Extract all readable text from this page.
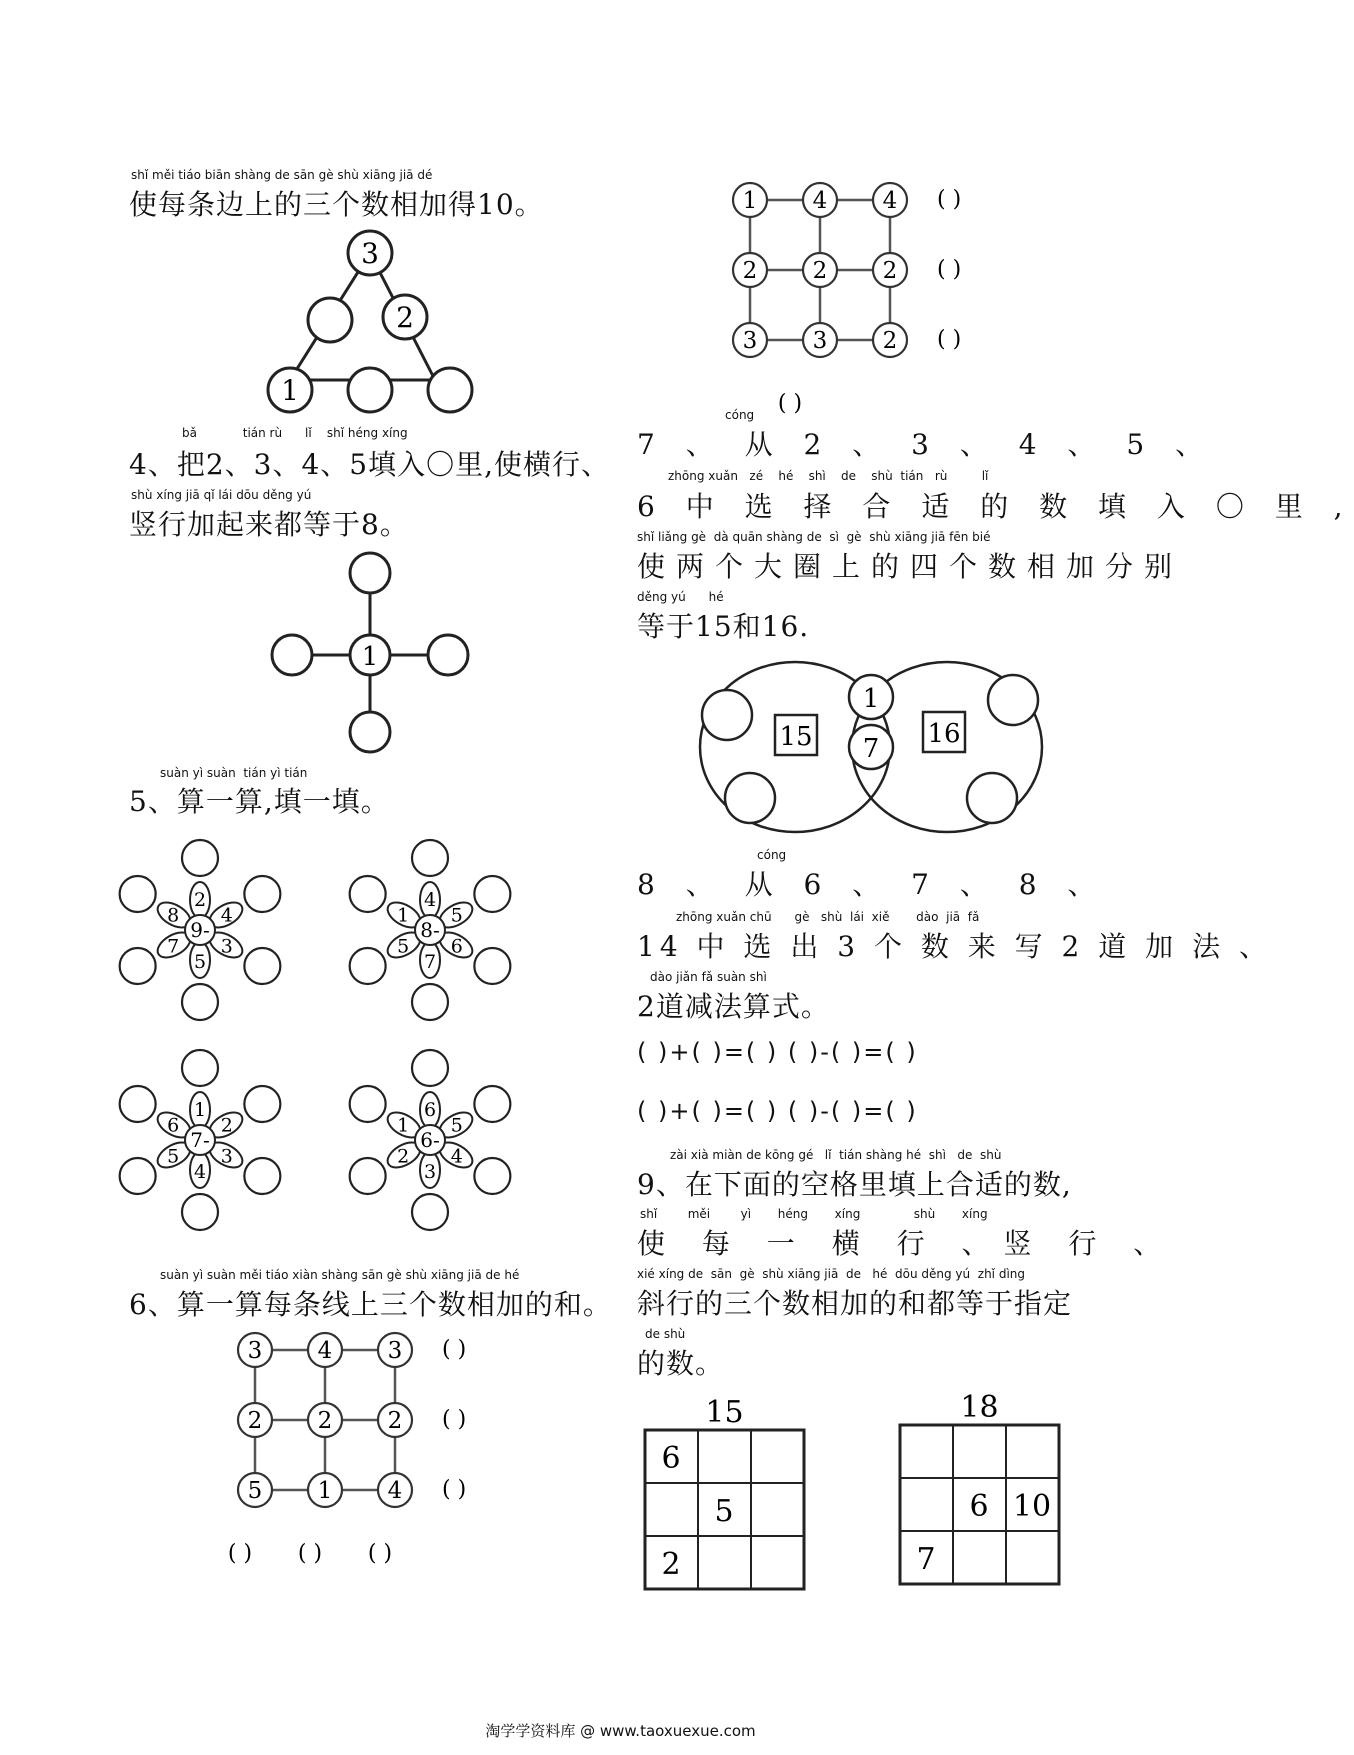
shǐ měi tiáo biān shàng de sān gè shù xiāng jiā dé
使每条边上的三个数相加得10。
3
2
1
bǎ            tián rù      lǐ    shǐ héng xíng
4、把2、3、4、5填入〇里,使横行、
shù xíng jiā qǐ lái dōu děng yú
竖行加起来都等于8。
1
suàn yì suàn  tián yì tián
5、算一算,填一填。
2
4
3
5
7
8
9-
4
5
6
7
5
1
8-
1
2
3
4
5
6
7-
6
5
4
3
2
1
6-
suàn yì suàn měi tiáo xiàn shàng sān gè shù xiāng jiā de hé
6、算一算每条线上三个数相加的和。
3 4 3
2 2 2
5 1 4
( )
( )
( )
( ) ( ) ( )
1 4 4
2 2 2
3 3 2
( )
( )
( )
( )
cóng
7 、 从 2 、 3 、 4 、 5 、
zhōng xuǎn   zé    hé    shì    de    shù  tián   rù         lǐ
6 中 选 择 合 适 的 数 填 入 〇 里 ,
shǐ liǎng gè  dà quān shàng de  sì  gè  shù xiāng jiā fēn bié
使两个大圈上的四个数相加分别
děng yú      hé
等于15和16.
15	16
1
7
cóng
8 、 从 6 、 7 、 8 、
zhōng xuǎn chū      gè   shù  lái  xiě       dào  jiā  fǎ
14 中 选 出 3 个 数 来 写 2 道 加 法 、
dào jiǎn fǎ suàn shì
2道减法算式。
( )+( )=( ) ( )-( )=( )
( )+( )=( ) ( )-( )=( )
zài xià miàn de kōng gé   lǐ  tián shàng hé  shì   de  shù
9、在下面的空格里填上合适的数,
shǐ        měi        yì       héng       xíng              shù       xíng
使 每 一 横 行 、竖 行 、
xié xíng de  sān  gè  shù xiāng jiā  de   hé  dōu děng yú  zhǐ dìng
斜行的三个数相加的和都等于指定
de shù
的数。
15
6
5
2
18
6 10
7
淘学学资料库 @ www.taoxuexue.com
